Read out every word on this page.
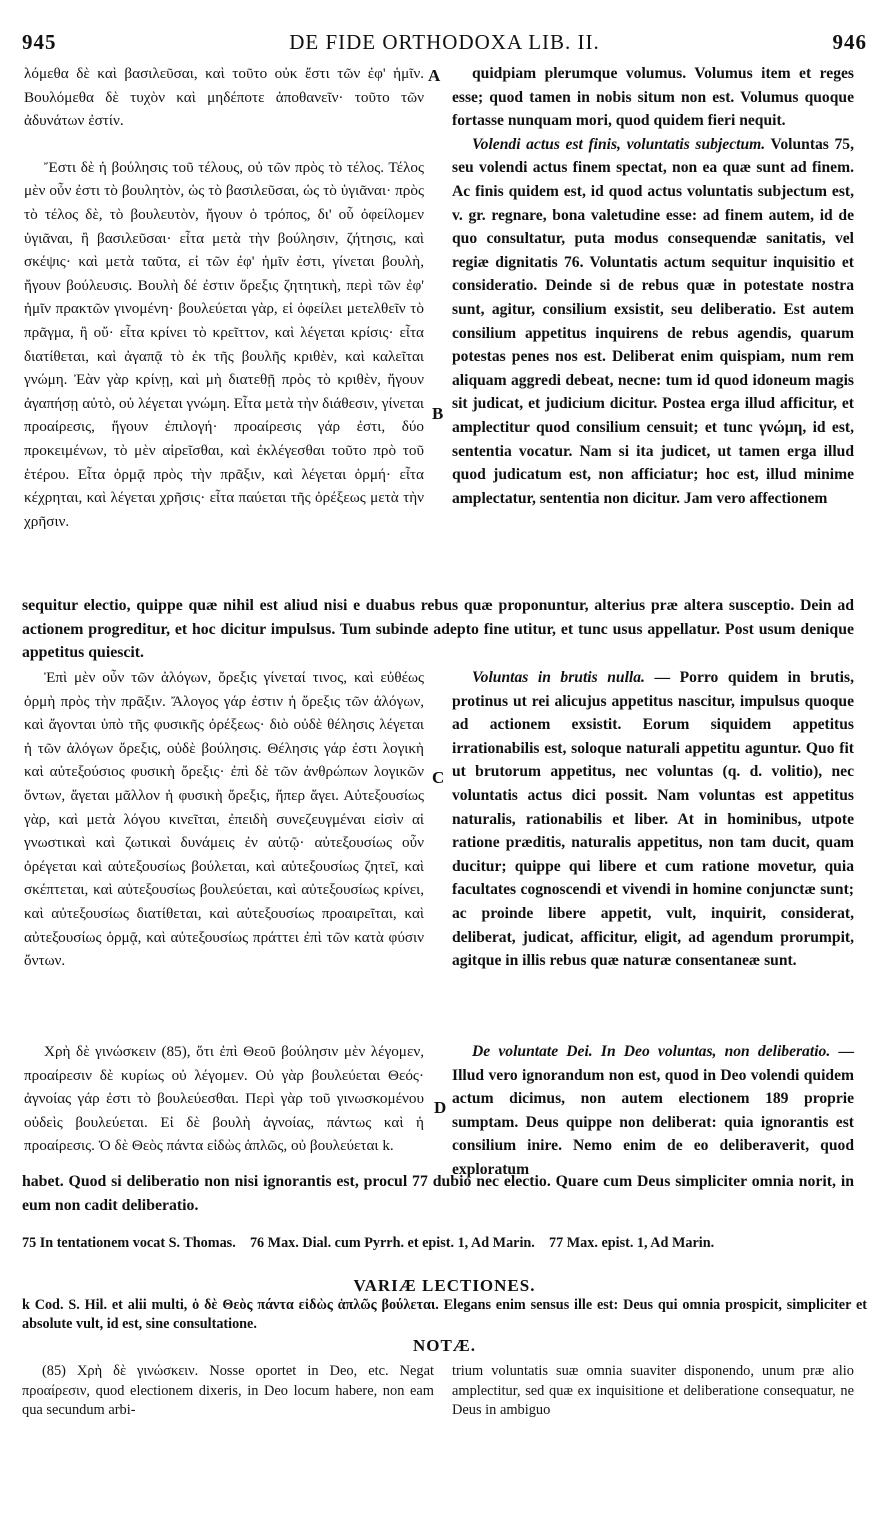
945	DE FIDE ORTHODOXA LIB. II.	946

λόμεθα δὲ καὶ βασιλεῦσαι, καὶ τοῦτο οὐκ ἔστι τῶν ἐφ' ἡμῖν. Βουλόμεθα δὲ τυχὸν καὶ μηδέποτε ἀποθανεῖν· τοῦτο τῶν ἀδυνάτων ἐστίν.

Ἔστι δὲ ἡ βούλησις τοῦ τέλους, οὐ τῶν πρὸς τὸ τέλος. Τέλος μὲν οὖν ἐστι τὸ βουλητὸν, ὡς τὸ βασιλεῦσαι, ὡς τὸ ὑγιᾶναι· πρὸς τὸ τέλος δὲ, τὸ βουλευτὸν, ἤγουν ὁ τρόπος, δι' οὗ ὀφείλομεν ὑγιᾶναι, ἢ βασιλεῦσαι· εἶτα μετὰ τὴν βούλησιν, ζήτησις, καὶ σκέψις· καὶ μετὰ ταῦτα, εἰ τῶν ἐφ' ἡμῖν ἐστι, γίνεται βουλὴ, ἤγουν βούλευσις. Βουλὴ δέ ἐστιν ὄρεξις ζητητικὴ, περὶ τῶν ἐφ' ἡμῖν πρακτῶν γινομένη· βουλεύεται γὰρ, εἰ ὀφείλει μετελθεῖν τὸ πρᾶγμα, ἢ οὔ· εἶτα κρίνει τὸ κρεῖττον, καὶ λέγεται κρίσις· εἶτα διατίθεται, καὶ ἀγαπᾷ τὸ ἐκ τῆς βουλῆς κριθὲν, καὶ καλεῖται γνώμη. Ἐὰν γὰρ κρίνῃ, καὶ μὴ διατεθῇ πρὸς τὸ κριθὲν, ἤγουν ἀγαπήσῃ αὐτὸ, οὐ λέγεται γνώμη. Εἶτα μετὰ τὴν διάθεσιν, γίνεται προαίρεσις, ἤγουν ἐπιλογή· προαίρεσις γάρ ἐστι, δύο προκειμένων, τὸ μὲν αἱρεῖσθαι, καὶ ἐκλέγεσθαι τοῦτο πρὸ τοῦ ἑτέρου. Εἶτα ὁρμᾷ πρὸς τὴν πρᾶξιν, καὶ λέγεται ὁρμή· εἶτα κέχρηται, καὶ λέγεται χρῆσις· εἶτα παύεται τῆς ὀρέξεως μετὰ τὴν χρῆσιν.

quidpiam plerumque volumus. Volumus item et reges esse; quod tamen in nobis situm non est. Volumus quoque fortasse nunquam mori, quod quidem fieri nequit.

Volendi actus est finis, voluntatis subjectum. Voluntas 75, seu volendi actus finem spectat, non ea quæ sunt ad finem. Ac finis quidem est, id quod actus voluntatis subjectum est, v. gr. regnare, bona valetudine esse: ad finem autem, id de quo consultatur, puta modus consequendæ sanitatis, vel regiæ dignitatis 76. Voluntatis actum sequitur inquisitio et consideratio. Deinde si de rebus quæ in potestate nostra sunt, agitur, consilium exsistit, seu deliberatio. Est autem consilium appetitus inquirens de rebus agendis, quarum potestas penes nos est. Deliberat enim quispiam, num rem aliquam aggredi debeat, necne: tum id quod idoneum magis sit judicat, et judicium dicitur. Postea erga illud afficitur, et amplectitur quod consilium censuit; et tunc γνώμη, id est, sententia vocatur. Nam si ita judicet, ut tamen erga illud quod judicatum est, non afficiatur; hoc est, illud minime amplectatur, sententia non dicitur. Jam vero affectionem

sequitur electio, quippe quæ nihil est aliud nisi e duabus rebus quæ proponuntur, alterius præ altera susceptio. Dein ad actionem progreditur, et hoc dicitur impulsus. Tum subinde adepto fine utitur, et tunc usus appellatur. Post usum denique appetitus quiescit.

Ἐπὶ μὲν οὖν τῶν ἀλόγων, ὄρεξις γίνεταί τινος, καὶ εὐθέως ὁρμὴ πρὸς τὴν πρᾶξιν. Ἄλογος γάρ ἐστιν ἡ ὄρεξις τῶν ἀλόγων, καὶ ἄγονται ὑπὸ τῆς φυσικῆς ὀρέξεως· διὸ οὐδὲ θέλησις λέγεται ἡ τῶν ἀλόγων ὄρεξις, οὐδὲ βούλησις. Θέλησις γάρ ἐστι λογικὴ καὶ αὐτεξούσιος φυσικὴ ὄρεξις· ἐπὶ δὲ τῶν ἀνθρώπων λογικῶν ὄντων, ἄγεται μᾶλλον ἡ φυσικὴ ὄρεξις, ἤπερ ἄγει. Αὐτεξουσίως γὰρ, καὶ μετὰ λόγου κινεῖται, ἐπειδὴ συνεζευγμέναι εἰσὶν αἱ γνωστικαὶ καὶ ζωτικαὶ δυνάμεις ἐν αὐτῷ· αὐτεξουσίως οὖν ὀρέγεται καὶ αὐτεξουσίως βούλεται, καὶ αὐτεξουσίως ζητεῖ, καὶ σκέπτεται, καὶ αὐτεξουσίως βουλεύεται, καὶ αὐτεξουσίως κρίνει, καὶ αὐτεξουσίως διατίθεται, καὶ αὐτεξουσίως προαιρεῖται, καὶ αὐτεξουσίως ὁρμᾷ, καὶ αὐτεξουσίως πράττει ἐπὶ τῶν κατὰ φύσιν ὄντων.

Voluntas in brutis nulla. — Porro quidem in brutis, protinus ut rei alicujus appetitus nascitur, impulsus quoque ad actionem exsistit. Eorum siquidem appetitus irrationabilis est, soloque naturali appetitu aguntur. Quo fit ut brutorum appetitus, nec voluntas (q. d. volitio), nec voluntatis actus dici possit. Nam voluntas est appetitus naturalis, rationabilis et liber. At in hominibus, utpote ratione præditis, naturalis appetitus, non tam ducit, quam ducitur; quippe qui libere et cum ratione movetur, quia facultates cognoscendi et vivendi in homine conjunctæ sunt; ac proinde libere appetit, vult, inquirit, considerat, deliberat, judicat, afficitur, eligit, ad agendum prorumpit, agitque in illis rebus quæ naturæ consentaneæ sunt.

Χρὴ δὲ γινώσκειν (85), ὅτι ἐπὶ Θεοῦ βούλησιν μὲν λέγομεν, προαίρεσιν δὲ κυρίως οὐ λέγομεν. Οὐ γὰρ βουλεύεται Θεός· ἀγνοίας γάρ ἐστι τὸ βουλεύεσθαι. Περὶ γὰρ τοῦ γινωσκομένου οὐδεὶς βουλεύεται. Εἰ δὲ βουλὴ ἀγνοίας, πάντως καὶ ἡ προαίρεσις. Ὁ δὲ Θεὸς πάντα εἰδὼς ἁπλῶς, οὐ βουλεύεται k.

De voluntate Dei. In Deo voluntas, non deliberatio. — Illud vero ignorandum non est, quod in Deo volendi quidem actum dicimus, non autem electionem 189 proprie sumptam. Deus quippe non deliberat: quia ignorantis est consilium inire. Nemo enim de eo deliberaverit, quod exploratum

habet. Quod si deliberatio non nisi ignorantis est, procul 77 dubio nec electio. Quare cum Deus simpliciter omnia norit, in eum non cadit deliberatio.

A
B
C
D
75 In tentationem vocat S. Thomas. 76 Max. Dial. cum Pyrrh. et epist. 1, Ad Marin. 77 Max. epist. 1, Ad Marin.
VARIÆ LECTIONES.

k Cod. S. Hil. et alii multi, ὁ δὲ Θεὸς πάντα εἰδὼς ἁπλῶς βούλεται. Elegans enim sensus ille est: Deus qui omnia prospicit, simpliciter et absolute vult, id est, sine consultatione.

NOTÆ.

(85) Χρὴ δὲ γινώσκειν. Nosse oportet in Deo, etc. Negat προαίρεσιν, quod electionem dixeris, in Deo locum habere, non eam qua secundum arbi-

trium voluntatis suæ omnia suaviter disponendo, unum præ alio amplectitur, sed quæ ex inquisitione et deliberatione consequatur, ne Deus in ambiguo
